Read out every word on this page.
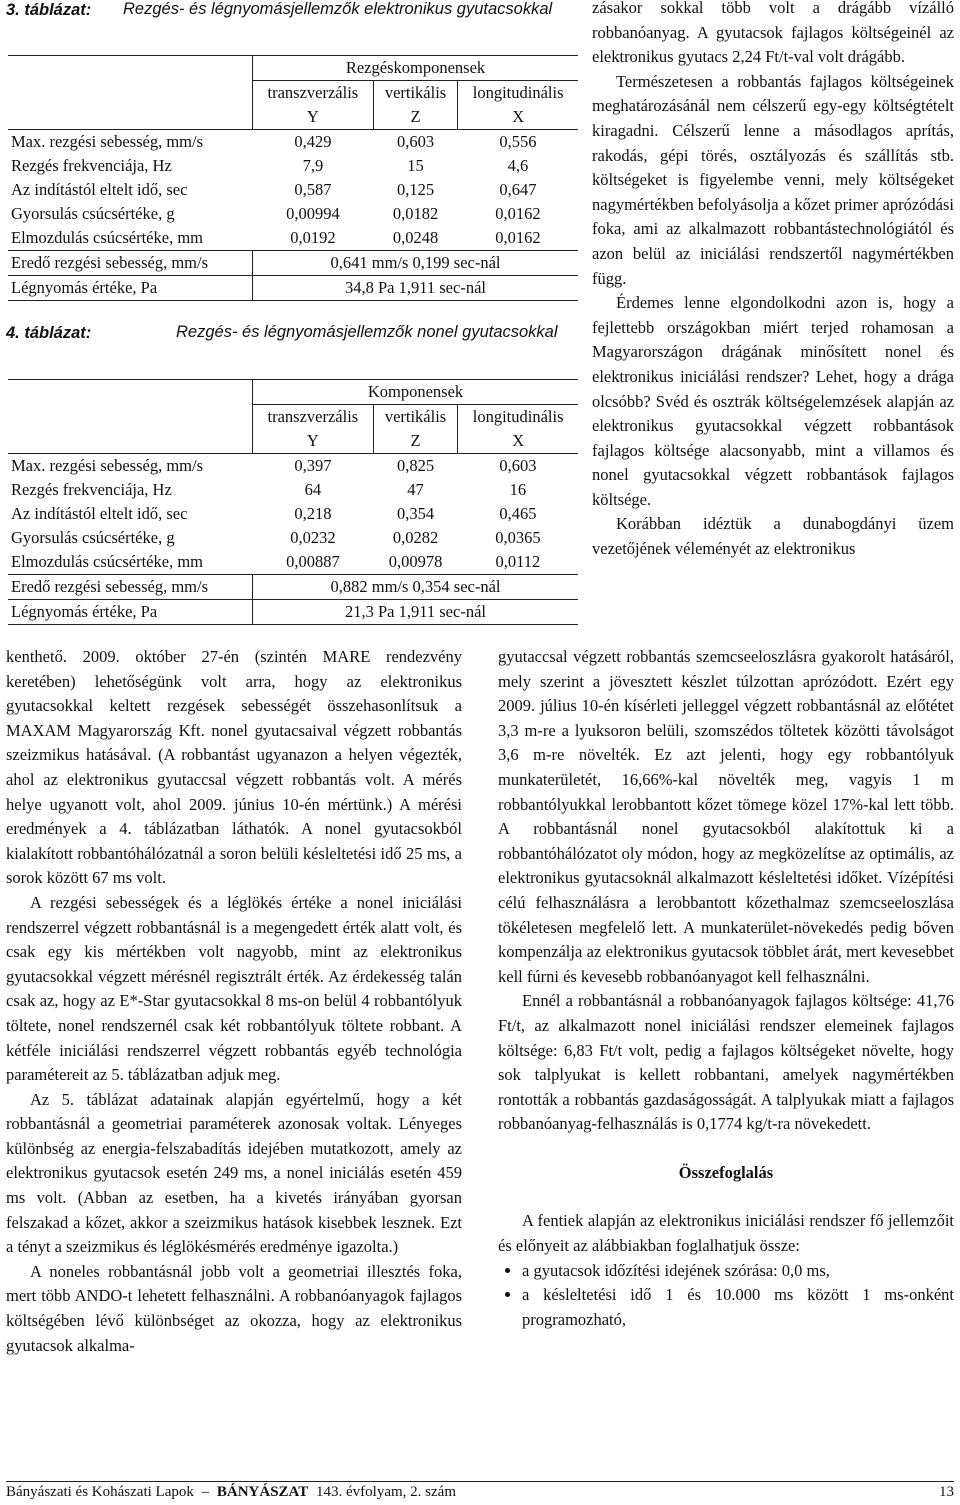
3. táblázat: Rezgés- és légnyomásjellemzők elektronikus gyutacsokkal
	Rezgéskomponensek		
	transzverzális	vertikális	longitudinális
	Y	Z	X
Max. rezgési sebesség, mm/s	0,429	0,603	0,556
Rezgés frekvenciája, Hz	7,9	15	4,6
Az indítástól eltelt idő, sec	0,587	0,125	0,647
Gyorsulás csúcsértéke, g	0,00994	0,0182	0,0162
Elmozdulás csúcsértéke, mm	0,0192	0,0248	0,0162
Eredő rezgési sebesség, mm/s	0,641 mm/s 0,199 sec-nál		
Légnyomás értéke, Pa	34,8 Pa 1,911 sec-nál		
4. táblázat:	Rezgés- és légnyomásjellemzők nonel gyutacsokkal
	Komponensek		
	transzverzális	vertikális	longitudinális
	Y	Z	X
Max. rezgési sebesség, mm/s	0,397	0,825	0,603
Rezgés frekvenciája, Hz	64	47	16
Az indítástól eltelt idő, sec	0,218	0,354	0,465
Gyorsulás csúcsértéke, g	0,0232	0,0282	0,0365
Elmozdulás csúcsértéke, mm	0,00887	0,00978	0,0112
Eredő rezgési sebesség, mm/s	0,882 mm/s 0,354 sec-nál		
Légnyomás értéke, Pa	21,3 Pa 1,911 sec-nál		

zásakor sokkal több volt a drágább vízálló robbanóanyag. A gyutacsok fajlagos költségeinél az elektronikus gyutacs 2,24 Ft/t-val volt drágább.

Természetesen a robbantás fajlagos költségeinek meghatározásánál nem célszerű egy-egy költségtételt kiragadni. Célszerű lenne a másodlagos aprítás, rakodás, gépi törés, osztályozás és szállítás stb. költségeket is figyelembe venni, mely költségeket nagymértékben befolyásolja a kőzet primer aprózódási foka, ami az alkalmazott robbantástechnológiától és azon belül az iniciálási rendszertől nagymértékben függ.

Érdemes lenne elgondolkodni azon is, hogy a fejlettebb országokban miért terjed rohamosan a Magyarországon drágának minősített nonel és elektronikus iniciálási rendszer? Lehet, hogy a drága olcsóbb? Svéd és osztrák költségelemzések alapján az elektronikus gyutacsokkal végzett robbantások fajlagos költsége alacsonyabb, mint a villamos és nonel gyutacsokkal végzett robbantások fajlagos költsége.

Korábban idéztük a dunabogdányi üzem vezetőjének véleményét az elektronikus

kenthető. 2009. október 27-én (szintén MARE rendezvény keretében) lehetőségünk volt arra, hogy az elektronikus gyutacsokkal keltett rezgések sebességét összehasonlítsuk a MAXAM Magyarország Kft. nonel gyutacsaival végzett robbantás szeizmikus hatásával. (A robbantást ugyanazon a helyen végezték, ahol az elektronikus gyutaccsal végzett robbantás volt. A mérés helye ugyanott volt, ahol 2009. június 10-én mértünk.) A mérési eredmények a 4. táblázatban láthatók. A nonel gyutacsokból kialakított robbantóhálózatnál a soron belüli késleltetési idő 25 ms, a sorok között 67 ms volt.

A rezgési sebességek és a léglökés értéke a nonel iniciálási rendszerrel végzett robbantásnál is a megengedett érték alatt volt, és csak egy kis mértékben volt nagyobb, mint az elektronikus gyutacsokkal végzett mérésnél regisztrált érték. Az érdekesség talán csak az, hogy az E*-Star gyutacsokkal 8 ms-on belül 4 robbantólyuk töltete, nonel rendszernél csak két robbantólyuk töltete robbant. A kétféle iniciálási rendszerrel végzett robbantás egyéb technológia paramétereit az 5. táblázatban adjuk meg.

Az 5. táblázat adatainak alapján egyértelmű, hogy a két robbantásnál a geometriai paraméterek azonosak voltak. Lényeges különbség az energia-felszabadítás idejében mutatkozott, amely az elektronikus gyutacsok esetén 249 ms, a nonel iniciálás esetén 459 ms volt. (Abban az esetben, ha a kivetés irányában gyorsan felszakad a kőzet, akkor a szeizmikus hatások kisebbek lesznek. Ezt a tényt a szeizmikus és léglökésmérés eredménye igazolta.)

A noneles robbantásnál jobb volt a geometriai illesztés foka, mert több ANDO-t lehetett felhasználni. A robbanóanyagok fajlagos költségében lévő különbséget az okozza, hogy az elektronikus gyutacsok alkalma-

gyutaccsal végzett robbantás szemcseeloszlásra gyakorolt hatásáról, mely szerint a jövesztett készlet túlzottan aprózódott. Ezért egy 2009. július 10-én kísérleti jelleggel végzett robbantásnál az előtétet 3,3 m-re a lyuksoron belüli, szomszédos töltetek közötti távolságot 3,6 m-re növelték. Ez azt jelenti, hogy egy robbantólyuk munkaterületét, 16,66%-kal növelték meg, vagyis 1 m robbantólyukkal lerobbantott kőzet tömege közel 17%-kal lett több. A robbantásnál nonel gyutacsokból alakítottuk ki a robbantóhálózatot oly módon, hogy az megközelítse az optimális, az elektronikus gyutacsoknál alkalmazott késleltetési időket. Vízépítési célú felhasználásra a lerobbantott kőzethalmaz szemcseeloszlása tökéletesen megfelelő lett. A munkaterület-növekedés pedig bőven kompenzálja az elektronikus gyutacsok többlet árát, mert kevesebbet kell fúrni és kevesebb robbanóanyagot kell felhasználni.

Ennél a robbantásnál a robbanóanyagok fajlagos költsége: 41,76 Ft/t, az alkalmazott nonel iniciálási rendszer elemeinek fajlagos költsége: 6,83 Ft/t volt, pedig a fajlagos költségeket növelte, hogy sok talplyukat is kellett robbantani, amelyek nagymértékben rontották a robbantás gazdaságosságát. A talplyukak miatt a fajlagos robbanóanyag-felhasználás is 0,1774 kg/t-ra növekedett.

Összefoglalás

A fentiek alapján az elektronikus iniciálási rendszer fő jellemzőit és előnyeit az alábbiakban foglalhatjuk össze:

• a gyutacsok időzítési idejének szórása: 0,0 ms,
• a késleltetési idő 1 és 10.000 ms között 1 ms-onként programozható,
Bányászati és Kohászati Lapok – BÁNYÁSZAT 143. évfolyam, 2. szám	13
